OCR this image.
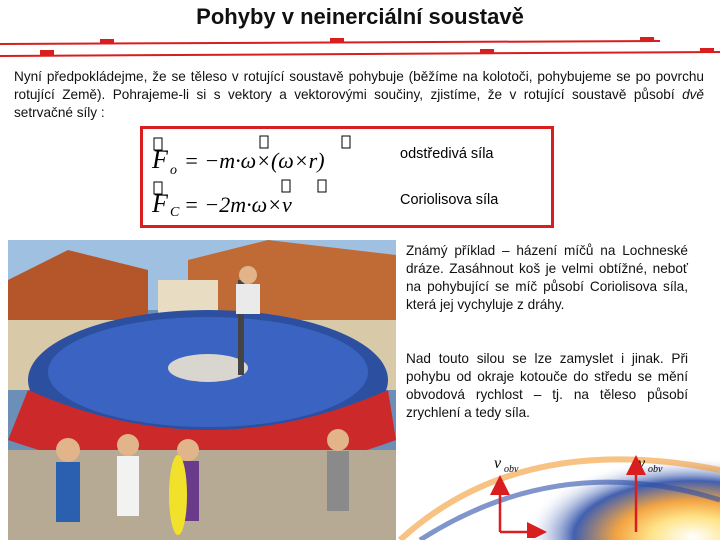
Pohyby v neinerciální soustavě
Nyní předpokládejme, že se těleso v rotující soustavě pohybuje (běžíme na kolotoči, pohybujeme se po povrchu rotující Země). Pohrajeme-li si s vektory a vektorovými součiny, zjistíme, že v rotující soustavě působí dvě setrvačné síly :
F o = −m·ω×(ω×r)
F C = −2m·ω×v
odstředivá síla
Coriolisova síla
Známý příklad – házení míčů na Lochneské dráze. Zasáhnout koš je velmi obtížné, neboť na pohybující se míč působí Coriolisova síla, která jej vychyluje z dráhy.
Nad touto silou se lze zamyslet i jinak. Při pohybu od okraje kotouče do středu se mění obvodová rychlost – tj. na těleso působí zrychlení a tedy síla.
v obv	v obv
